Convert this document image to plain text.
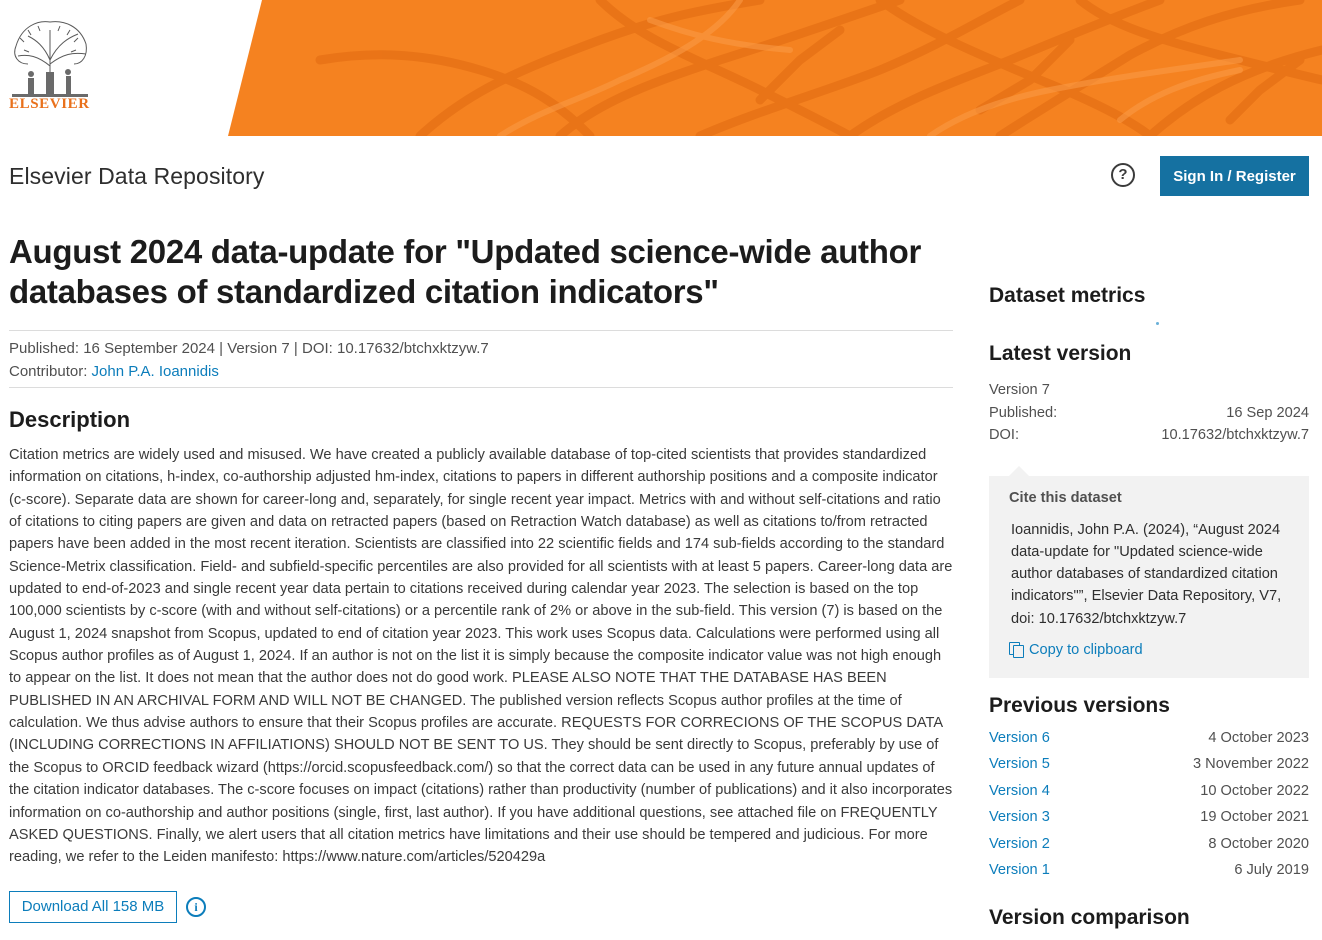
ELSEVIER
Elsevier Data Repository	?	Sign In / Register
August 2024 data-update for "Updated science-wide author databases of standardized citation indicators"
Published: 16 September 2024 | Version 7 | DOI: 10.17632/btchxktzyw.7
Contributor: John P.A. Ioannidis
Description

Citation metrics are widely used and misused. We have created a publicly available database of top-cited scientists that provides standardized information on citations, h-index, co-authorship adjusted hm-index, citations to papers in different authorship positions and a composite indicator (c-score). Separate data are shown for career-long and, separately, for single recent year impact. Metrics with and without self-citations and ratio of citations to citing papers are given and data on retracted papers (based on Retraction Watch database) as well as citations to/from retracted papers have been added in the most recent iteration. Scientists are classified into 22 scientific fields and 174 sub-fields according to the standard Science-Metrix classification. Field- and subfield-specific percentiles are also provided for all scientists with at least 5 papers. Career-long data are updated to end-of-2023 and single recent year data pertain to citations received during calendar year 2023. The selection is based on the top 100,000 scientists by c-score (with and without self-citations) or a percentile rank of 2% or above in the sub-field. This version (7) is based on the August 1, 2024 snapshot from Scopus, updated to end of citation year 2023. This work uses Scopus data. Calculations were performed using all Scopus author profiles as of August 1, 2024. If an author is not on the list it is simply because the composite indicator value was not high enough to appear on the list. It does not mean that the author does not do good work. PLEASE ALSO NOTE THAT THE DATABASE HAS BEEN PUBLISHED IN AN ARCHIVAL FORM AND WILL NOT BE CHANGED. The published version reflects Scopus author profiles at the time of calculation. We thus advise authors to ensure that their Scopus profiles are accurate. REQUESTS FOR CORRECIONS OF THE SCOPUS DATA (INCLUDING CORRECTIONS IN AFFILIATIONS) SHOULD NOT BE SENT TO US. They should be sent directly to Scopus, preferably by use of the Scopus to ORCID feedback wizard (https://orcid.scopusfeedback.com/) so that the correct data can be used in any future annual updates of the citation indicator databases. The c-score focuses on impact (citations) rather than productivity (number of publications) and it also incorporates information on co-authorship and author positions (single, first, last author). If you have additional questions, see attached file on FREQUENTLY ASKED QUESTIONS. Finally, we alert users that all citation metrics have limitations and their use should be tempered and judicious. For more reading, we refer to the Leiden manifesto: https://www.nature.com/articles/520429a

Download All 158 MB	i
Dataset metrics
Latest version
Version 7
Published:	16 Sep 2024
DOI:	10.17632/btchxktzyw.7
Cite this dataset
Ioannidis, John P.A. (2024), “August 2024 data-update for "Updated science-wide author databases of standardized citation indicators"”, Elsevier Data Repository, V7, doi: 10.17632/btchxktzyw.7
Copy to clipboard
Previous versions
Version 6	4 October 2023
Version 5	3 November 2022
Version 4	10 October 2022
Version 3	19 October 2021
Version 2	8 October 2020
Version 1	6 July 2019
Version comparison
